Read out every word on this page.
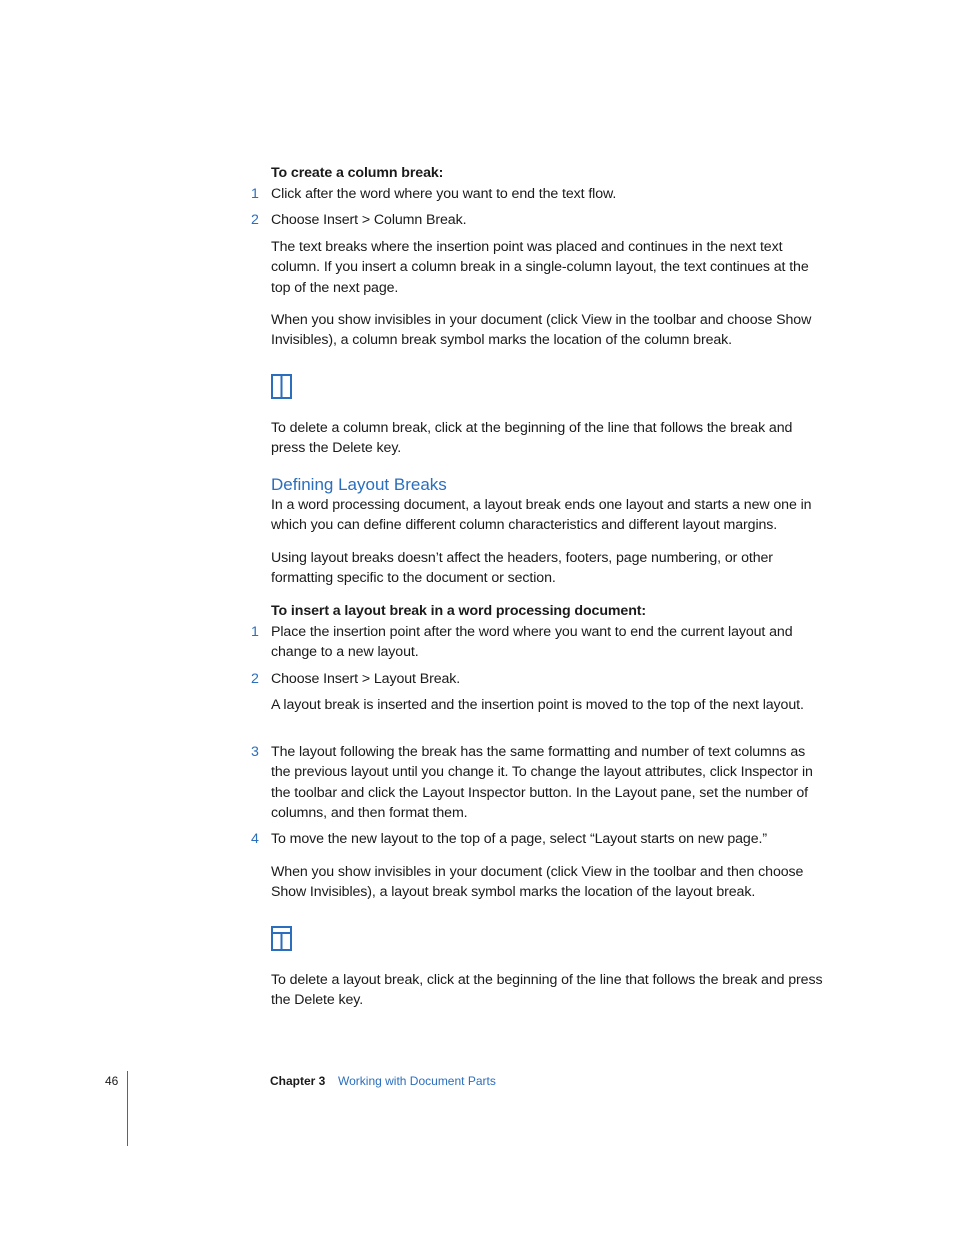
To create a column break:
1 Click after the word where you want to end the text flow.
2 Choose Insert > Column Break.
The text breaks where the insertion point was placed and continues in the next text column. If you insert a column break in a single-column layout, the text continues at the top of the next page.
When you show invisibles in your document (click View in the toolbar and choose Show Invisibles), a column break symbol marks the location of the column break.
To delete a column break, click at the beginning of the line that follows the break and press the Delete key.
Defining Layout Breaks
In a word processing document, a layout break ends one layout and starts a new one in which you can define different column characteristics and different layout margins.
Using layout breaks doesn’t affect the headers, footers, page numbering, or other formatting specific to the document or section.
To insert a layout break in a word processing document:
1 Place the insertion point after the word where you want to end the current layout and change to a new layout.
2 Choose Insert > Layout Break.
A layout break is inserted and the insertion point is moved to the top of the next layout.
3 The layout following the break has the same formatting and number of text columns as the previous layout until you change it. To change the layout attributes, click Inspector in the toolbar and click the Layout Inspector button. In the Layout pane, set the number of columns, and then format them.
4 To move the new layout to the top of a page, select “Layout starts on new page.”
When you show invisibles in your document (click View in the toolbar and then choose Show Invisibles), a layout break symbol marks the location of the layout break.
To delete a layout break, click at the beginning of the line that follows the break and press the Delete key.
46	Chapter 3 Working with Document Parts
